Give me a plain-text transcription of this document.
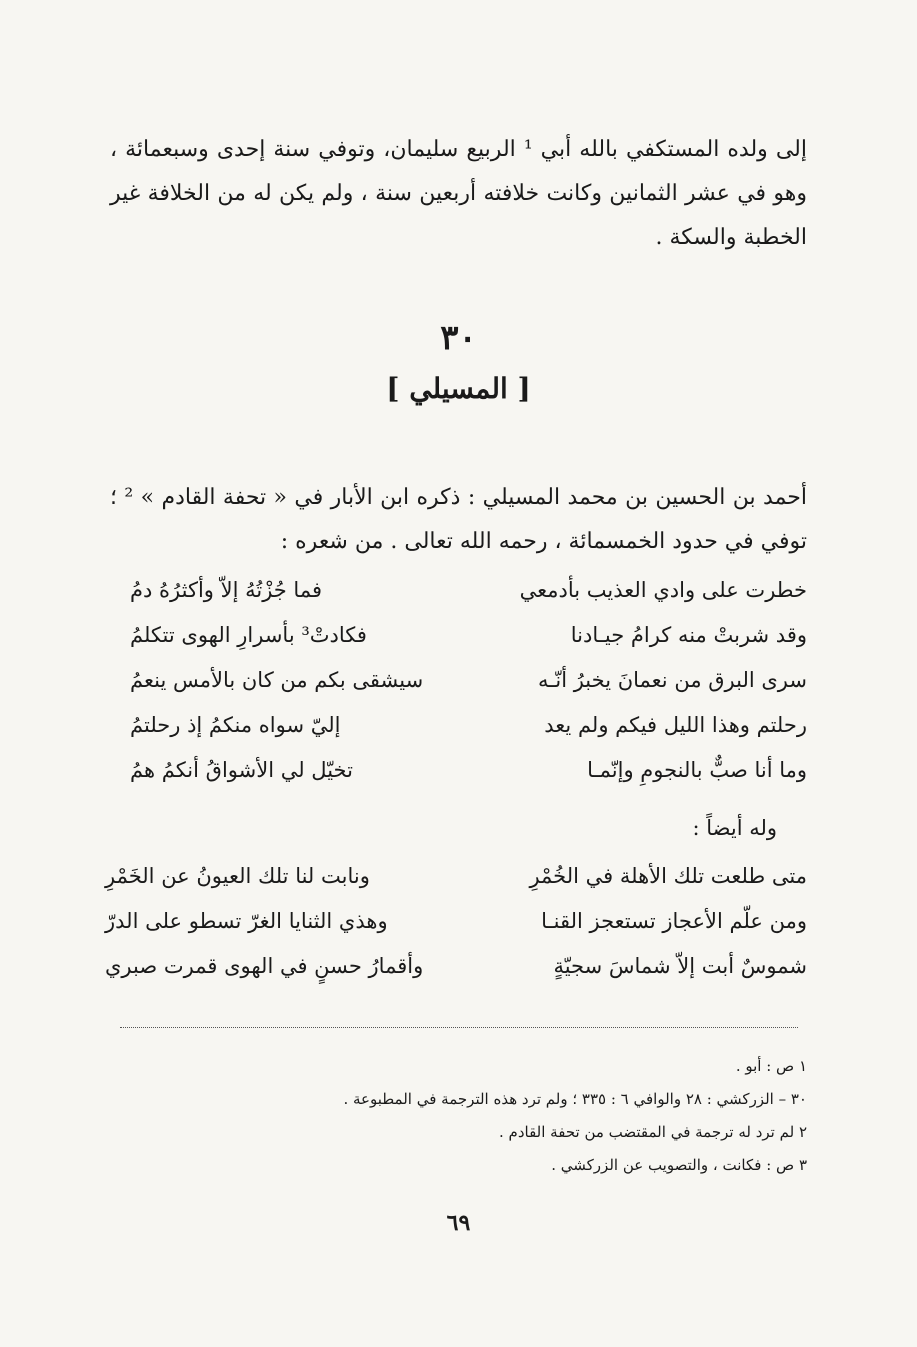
إلى ولده المستكفي بالله أبي ¹ الربيع سليمان، وتوفي سنة إحدى وسبعمائة ، وهو في عشر الثمانين وكانت خلافته أربعين سنة ، ولم يكن له من الخلافة غير الخطبة والسكة .

٣٠
[ المسيلي ]

أحمد بن الحسين بن محمد المسيلي : ذكره ابن الأبار في « تحفة القادم » ² ؛ توفي في حدود الخمسمائة ، رحمه الله تعالى . من شعره :

خطرت على وادي العذيب بأدمعي
فما جُزْتُهُ إلاّ وأكثرُهُ دمُ
وقد شربتْ منه كرامُ جيـادنا
فكادتْ³ بأسرارِ الهوى تتكلمُ
سرى البرق من نعمانَ يخبرُ أنّـه
سيشقى بكم من كان بالأمس ينعمُ
رحلتم وهذا الليل فيكم ولم يعد
إليّ سواه منكمُ إذ رحلتمُ
وما أنا صبٌّ بالنجومِ وإنّمـا
تخيّل لي الأشواقُ أنكمُ همُ
وله أيضاً :
متى طلعت تلك الأهلة في الخُمْرِ
ونابت لنا تلك العيونُ عن الخَمْرِ
ومن علّم الأعجاز تستعجز القنـا
وهذي الثنايا الغرّ تسطو على الدرّ
شموسٌ أبت إلاّ شماسَ سجيّةٍ
وأقمارُ حسنٍ في الهوى قمرت صبري
١ ص : أبو .
٣٠ – الزركشي : ٢٨ والوافي ٦ : ٣٣٥ ؛ ولم ترد هذه الترجمة في المطبوعة .
٢ لم ترد له ترجمة في المقتضب من تحفة القادم .
٣ ص : فكانت ، والتصويب عن الزركشي .
٦٩
